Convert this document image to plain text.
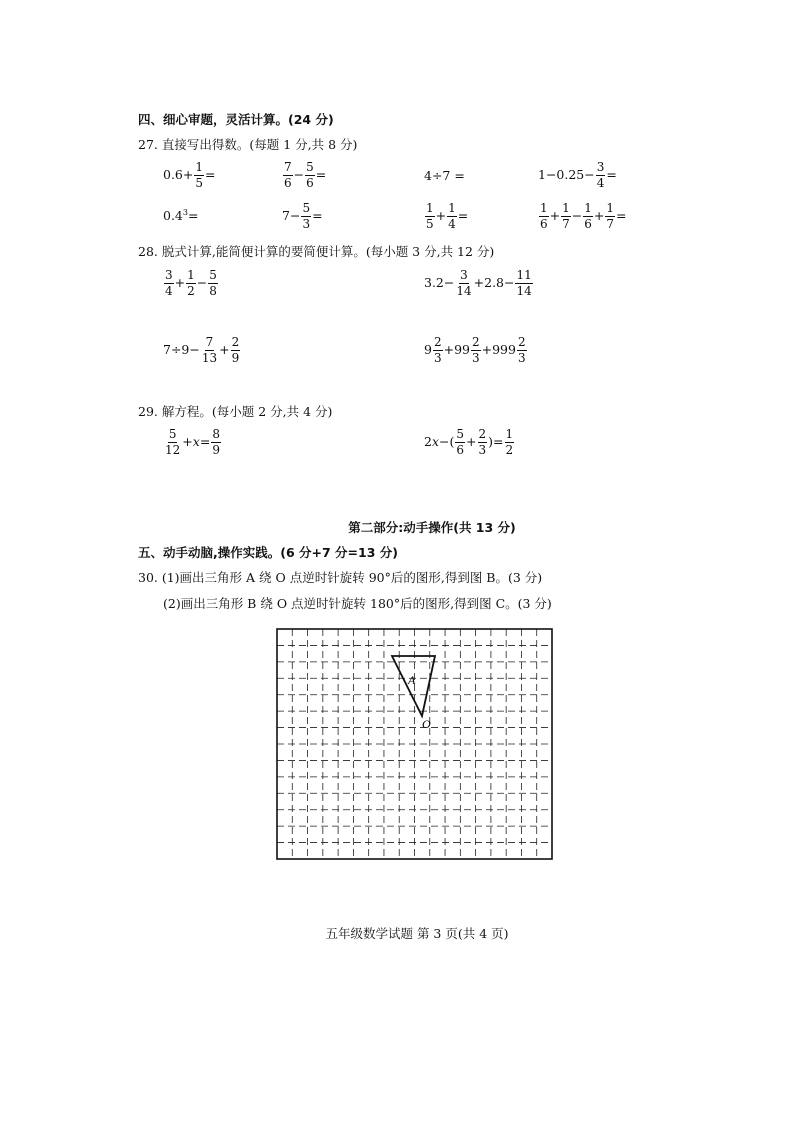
四、细心审题，灵活计算。(24 分)
27. 直接写出得数。(每题 1 分,共 8 分)
$0.6+ \frac{1}{5}$ =	$\frac{7}{6} - \frac{5}{6}$ =	4÷7 =	$1-0.25- \frac{3}{4}$ =
$0.4^3=$	$7- \frac{5}{3}$ =	$\frac{1}{5} + \frac{1}{4}$ =	$\frac{1}{6} + \frac{1}{7} - \frac{1}{6} + \frac{1}{7}$ =
28. 脱式计算,能简便计算的要简便计算。(每小题 3 分,共 12 分)
$\frac{3}{4} + \frac{1}{2} - \frac{5}{8}$	$3.2- \frac{3}{14} +2.8- \frac{11}{14}$
$7\div 9- \frac{7}{13} + \frac{2}{9}$	$9 \frac{2}{3} +99 \frac{2}{3} +999 \frac{2}{3}$
29. 解方程。(每小题 2 分,共 4 分)
$\frac{5}{12} + x = \frac{8}{9}$	2 x −( $\frac{5}{6} + \frac{2}{3}$ )= $\frac{1}{2}$
第二部分:动手操作(共 13 分)
五、动手动脑,操作实践。(6 分+7 分=13 分)
30. (1)画出三角形 A 绕 O 点逆时针旋转 90°后的图形,得到图 B。(3 分)
(2)画出三角形 B 绕 O 点逆时针旋转 180°后的图形,得到图 C。(3 分)
A
O
五年级数学试题 第 3 页(共 4 页)
